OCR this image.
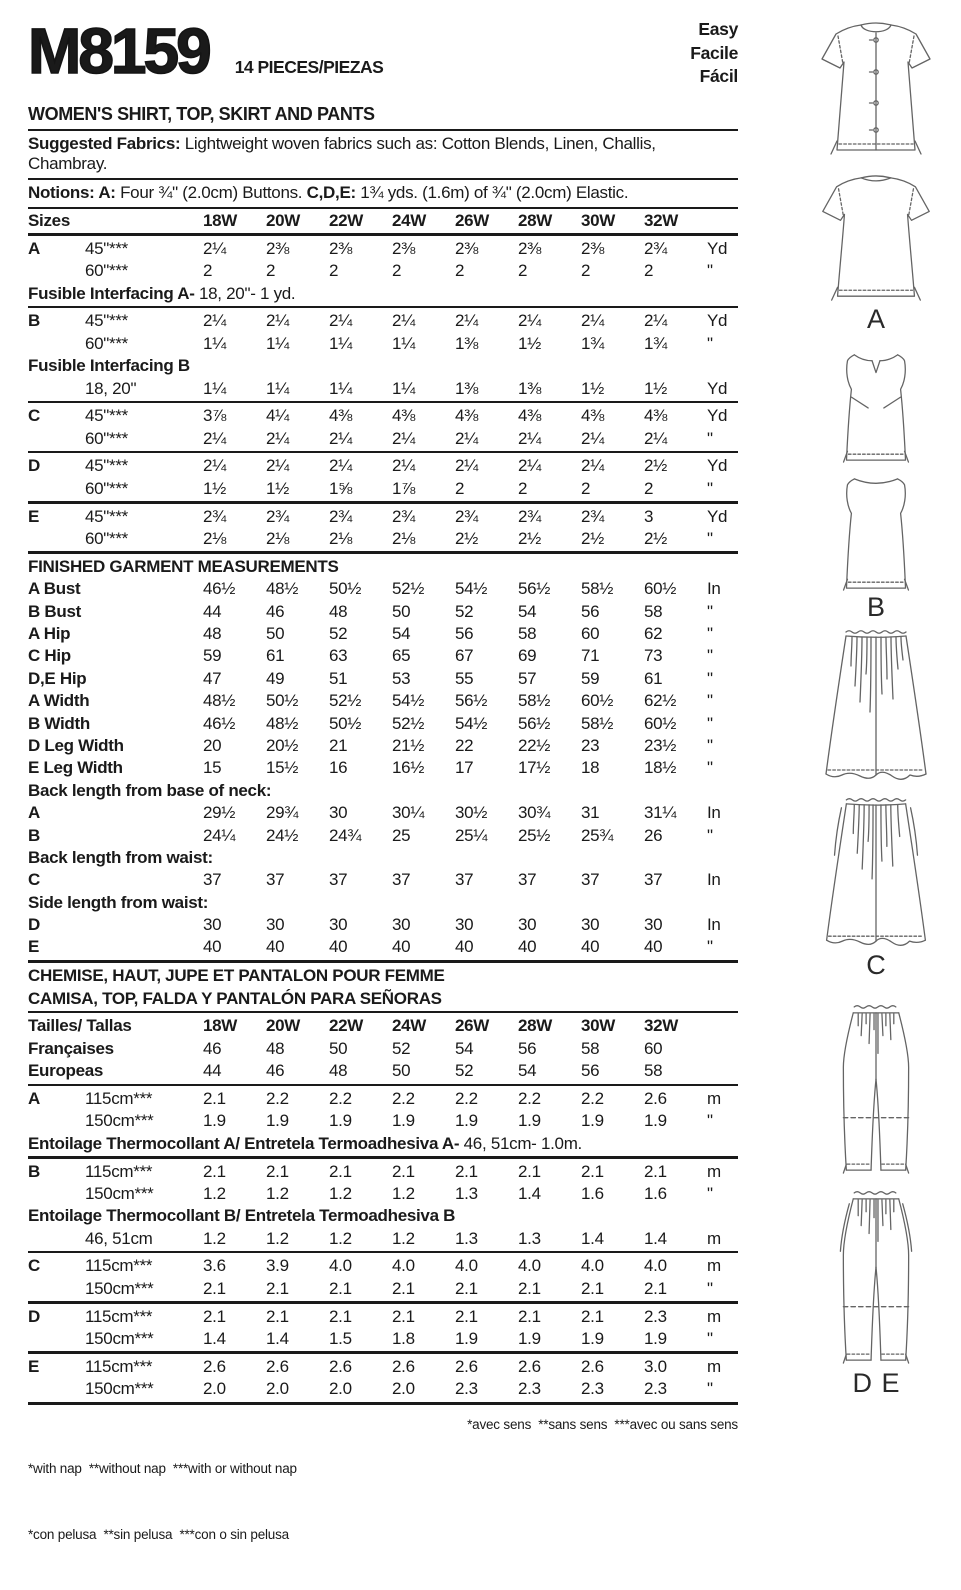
M8159 14 PIECES/PIEZAS
Easy
Facile
Fácil
WOMEN'S SHIRT, TOP, SKIRT AND PANTS
Suggested Fabrics: Lightweight woven fabrics such as: Cotton Blends, Linen, Challis, Chambray.
Notions: A: Four ¾" (2.0cm) Buttons. C,D,E: 1¾ yds. (1.6m) of ¾" (2.0cm) Elastic.
Sizes	18W	20W	22W	24W	26W	28W	30W	32W
A	45"***	2¼	2⅜	2⅜	2⅜	2⅜	2⅜	2⅜	2¾	Yd
60"***	2	2	2	2	2	2	2	2	"
Fusible Interfacing A- 18, 20"- 1 yd.
B	45"***	2¼	2¼	2¼	2¼	2¼	2¼	2¼	2¼	Yd
60"***	1¼	1¼	1¼	1¼	1⅜	1½	1¾	1¾	"
Fusible Interfacing B
18, 20"	1¼	1¼	1¼	1¼	1⅜	1⅜	1½	1½	Yd
C	45"***	3⅞	4¼	4⅜	4⅜	4⅜	4⅜	4⅜	4⅜	Yd
60"***	2¼	2¼	2¼	2¼	2¼	2¼	2¼	2¼	"
D	45"***	2¼	2¼	2¼	2¼	2¼	2¼	2¼	2½	Yd
60"***	1½	1½	1⅝	1⅞	2	2	2	2	"
E	45"***	2¾	2¾	2¾	2¾	2¾	2¾	2¾	3	Yd
60"***	2⅛	2⅛	2⅛	2⅛	2½	2½	2½	2½	"
FINISHED GARMENT MEASUREMENTS
A Bust	46½	48½	50½	52½	54½	56½	58½	60½	In
B Bust	44	46	48	50	52	54	56	58	"
A Hip	48	50	52	54	56	58	60	62	"
C Hip	59	61	63	65	67	69	71	73	"
D,E Hip	47	49	51	53	55	57	59	61	"
A Width	48½	50½	52½	54½	56½	58½	60½	62½	"
B Width	46½	48½	50½	52½	54½	56½	58½	60½	"
D Leg Width	20	20½	21	21½	22	22½	23	23½	"
E Leg Width	15	15½	16	16½	17	17½	18	18½	"
Back length from base of neck:
A	29½	29¾	30	30¼	30½	30¾	31	31¼	In
B	24¼	24½	24¾	25	25¼	25½	25¾	26	"
Back length from waist:
C	37	37	37	37	37	37	37	37	In
Side length from waist:
D	30	30	30	30	30	30	30	30	In
E	40	40	40	40	40	40	40	40	"
CHEMISE, HAUT, JUPE ET PANTALON POUR FEMME
CAMISA, TOP, FALDA Y PANTALÓN PARA SEÑORAS
Tailles/ Tallas	18W	20W	22W	24W	26W	28W	30W	32W
Françaises	46	48	50	52	54	56	58	60
Europeas	44	46	48	50	52	54	56	58
A	115cm***	2.1	2.2	2.2	2.2	2.2	2.2	2.2	2.6	m
150cm***	1.9	1.9	1.9	1.9	1.9	1.9	1.9	1.9	"
Entoilage Thermocollant A/ Entretela Termoadhesiva A- 46, 51cm- 1.0m.
B	115cm***	2.1	2.1	2.1	2.1	2.1	2.1	2.1	2.1	m
150cm***	1.2	1.2	1.2	1.2	1.3	1.4	1.6	1.6	"
Entoilage Thermocollant B/ Entretela Termoadhesiva B
46, 51cm	1.2	1.2	1.2	1.2	1.3	1.3	1.4	1.4	m
C	115cm***	3.6	3.9	4.0	4.0	4.0	4.0	4.0	4.0	m
150cm***	2.1	2.1	2.1	2.1	2.1	2.1	2.1	2.1	"
D	115cm***	2.1	2.1	2.1	2.1	2.1	2.1	2.1	2.3	m
150cm***	1.4	1.4	1.5	1.8	1.9	1.9	1.9	1.9	"
E	115cm***	2.6	2.6	2.6	2.6	2.6	2.6	2.6	3.0	m
150cm***	2.0	2.0	2.0	2.0	2.3	2.3	2.3	2.3	"

*with nap  **without nap  ***with or without nap

*con pelusa  **sin pelusa  ***con o sin pelusa

*avec sens  **sans sens  ***avec ou sans sens
A
B
C
D E
